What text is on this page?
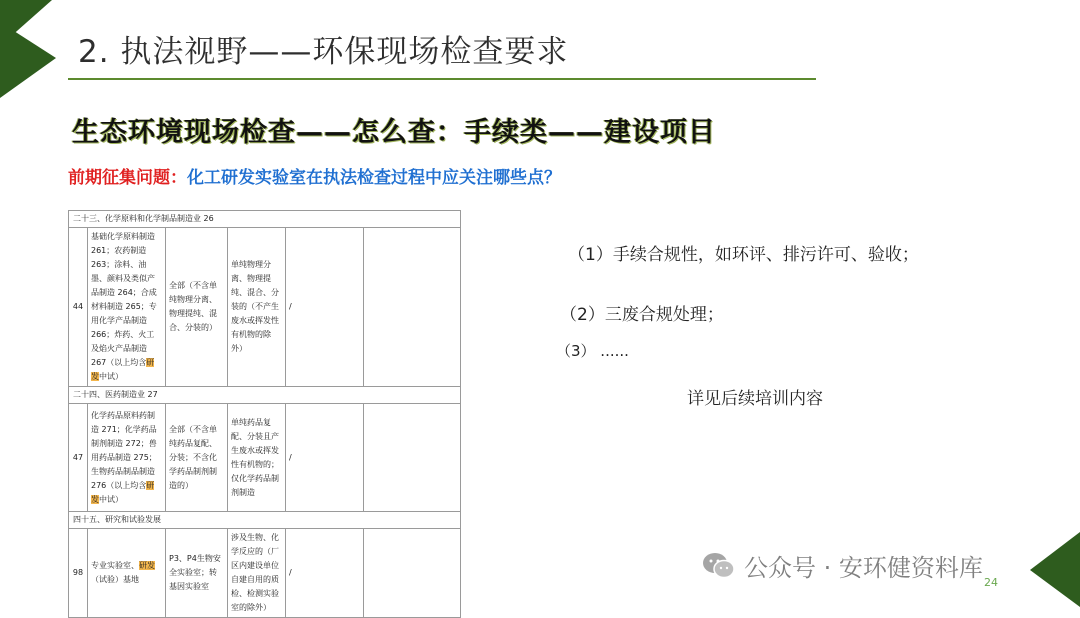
2. 执法视野——环保现场检查要求
生态环境现场检查——怎么查：手续类——建设项目
前期征集问题：化工研发实验室在执法检查过程中应关注哪些点？
二十三、化学原料和化学制品制造业 26					
44	基础化学原料制造 261；农药制造 263；涂料、油墨、颜料及类似产品制造 264；合成材料制造 265；专用化学产品制造 266；炸药、火工及焰火产品制造 267（以上均含研发中试）	全部（不含单纯物理分离、物理提纯、混合、分装的）	单纯物理分离、物理提纯、混合、分装的（不产生废水或挥发性有机物的除外）	/	
二十四、医药制造业 27					
47	化学药品原料药制造 271；化学药品制剂制造 272；兽用药品制造 275；生物药品制品制造 276（以上均含研发中试）	全部（不含单纯药品复配、分装；不含化学药品制剂制造的）	单纯药品复配、分装且产生废水或挥发性有机物的；仅化学药品制剂制造	/	
四十五、研究和试验发展					
98	专业实验室、研发（试验）基地	P3、P4生物安全实验室；转基因实验室	涉及生物、化学反应的（厂区内建设单位自建自用的质检、检测实验室的除外）	/	
（1）手续合规性，如环评、排污许可、验收；
（2）三废合规处理；
（3） ......
详见后续培训内容
公众号 · 安环健资料库
24
